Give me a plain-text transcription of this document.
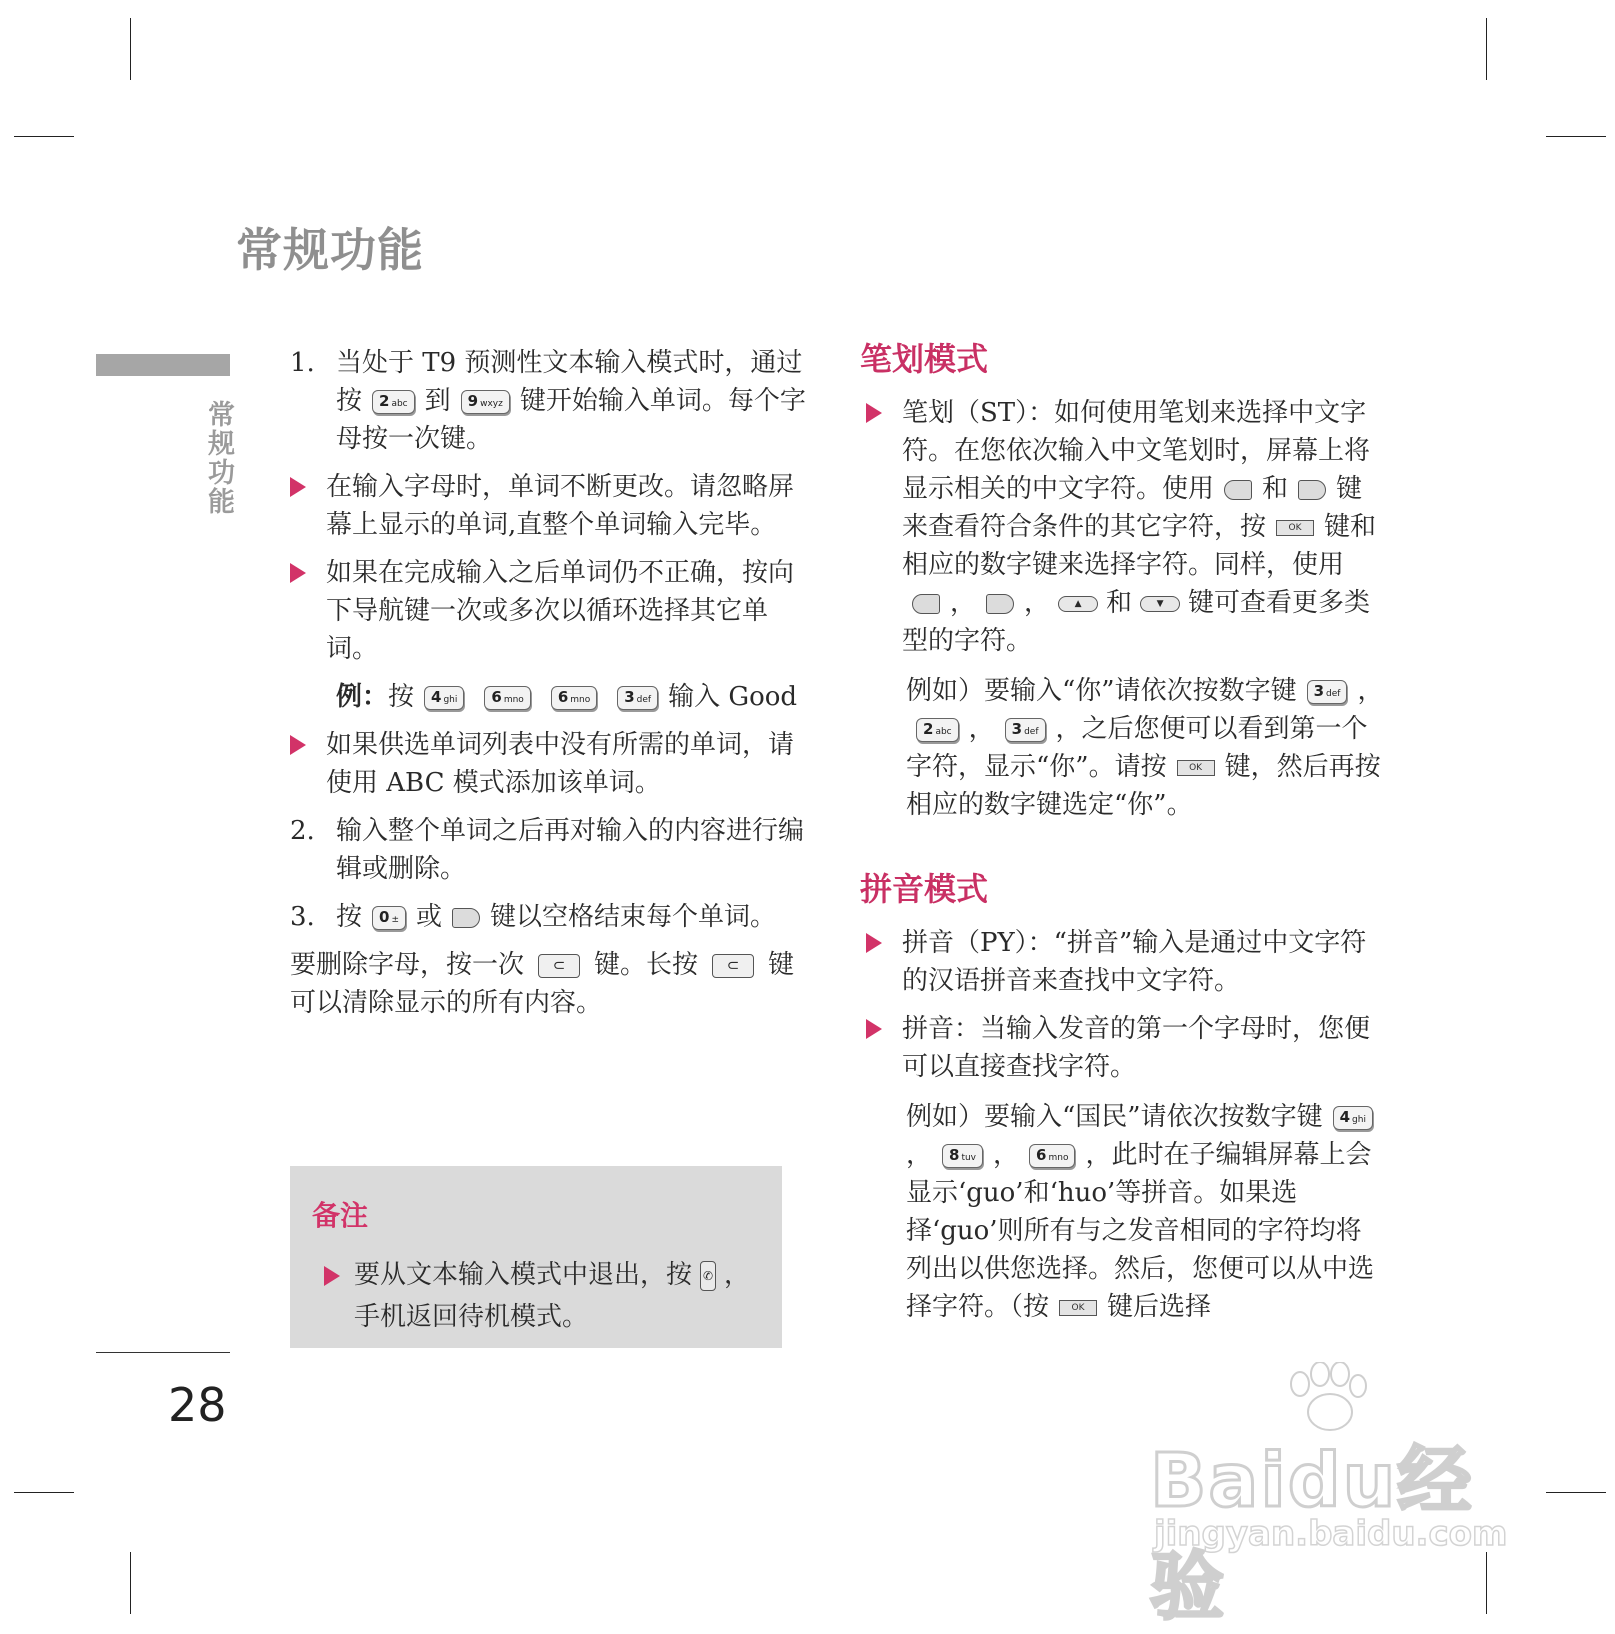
常规功能
常规功能
28
1. 当处于 T9 预测性文本输入模式时，通过按 2 abc 到 9 wxyz 键开始输入单词。每个字母按一次键。
在输入字母时，单词不断更改。请忽略屏幕上显示的单词,直整个单词输入完毕。
如果在完成输入之后单词仍不正确，按向下导航键一次或多次以循环选择其它单词。
例：按 4 ghi 6 mno 6 mno 3 def 输入 Good
如果供选单词列表中没有所需的单词，请使用 ABC 模式添加该单词。
2. 输入整个单词之后再对输入的内容进行编辑或删除。
3. 按 0 ± 或 键以空格结束每个单词。
要删除字母，按一次 ⊂ 键。长按 ⊂ 键可以清除显示的所有内容。
备注
要从文本输入模式中退出，按 ✆ ，手机返回待机模式。
笔划模式
笔划（ST）：如何使用笔划来选择中文字符。在您依次输入中文笔划时，屏幕上将显示相关的中文字符。使用 和 键来查看符合条件的其它字符，按	OK 键和相应的数字键来选择字符。同样，使用， ，	▲ 和	▼ 键可查看更多类型的字符。
例如）要输入“你”请依次按数字键 3 def ，2 abc ， 3 def ，之后您便可以看到第一个字符，显示“你”。请按	OK 键，然后再按相应的数字键选定“你”。
拼音模式
拼音（PY）：“拼音”输入是通过中文字符的汉语拼音来查找中文字符。
拼音：当输入发音的第一个字母时，您便可以直接查找字符。
例如）要输入“国民”请依次按数字键 4 ghi， 8 tuv ， 6 mno ，此时在子编辑屏幕上会显示‘guo’和‘huo’等拼音。如果选择‘guo’则所有与之发音相同的字符均将列出以供您选择。然后，您便可以从中选择字符。（按	OK 键后选择
Baidu经验
jingyan.baidu.com
